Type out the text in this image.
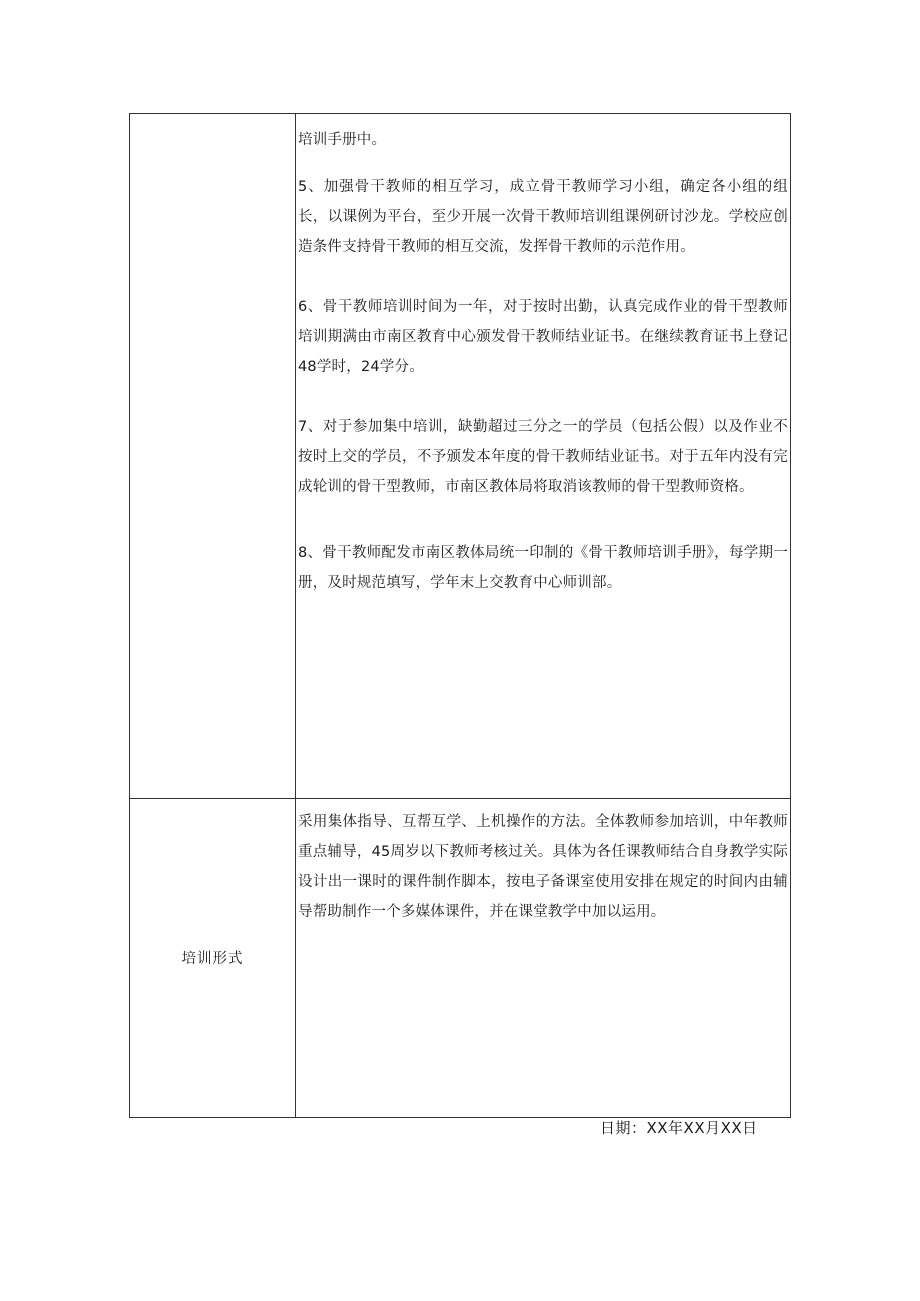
培训手册中。

5、加强骨干教师的相互学习，成立骨干教师学习小组，确定各小组的组长，以课例为平台，至少开展一次骨干教师培训组课例研讨沙龙。学校应创造条件支持骨干教师的相互交流，发挥骨干教师的示范作用。

6、骨干教师培训时间为一年，对于按时出勤，认真完成作业的骨干型教师培训期满由市南区教育中心颁发骨干教师结业证书。在继续教育证书上登记48学时，24学分。

7、对于参加集中培训，缺勤超过三分之一的学员（包括公假）以及作业不按时上交的学员，不予颁发本年度的骨干教师结业证书。对于五年内没有完成轮训的骨干型教师，市南区教体局将取消该教师的骨干型教师资格。

8、骨干教师配发市南区教体局统一印制的《骨干教师培训手册》，每学期一册，及时规范填写，学年末上交教育中心师训部。

培训形式

采用集体指导、互帮互学、上机操作的方法。全体教师参加培训，中年教师重点辅导，45周岁以下教师考核过关。具体为各任课教师结合自身教学实际设计出一课时的课件制作脚本，按电子备课室使用安排在规定的时间内由辅导帮助制作一个多媒体课件，并在课堂教学中加以运用。

日期：XX年XX月XX日
